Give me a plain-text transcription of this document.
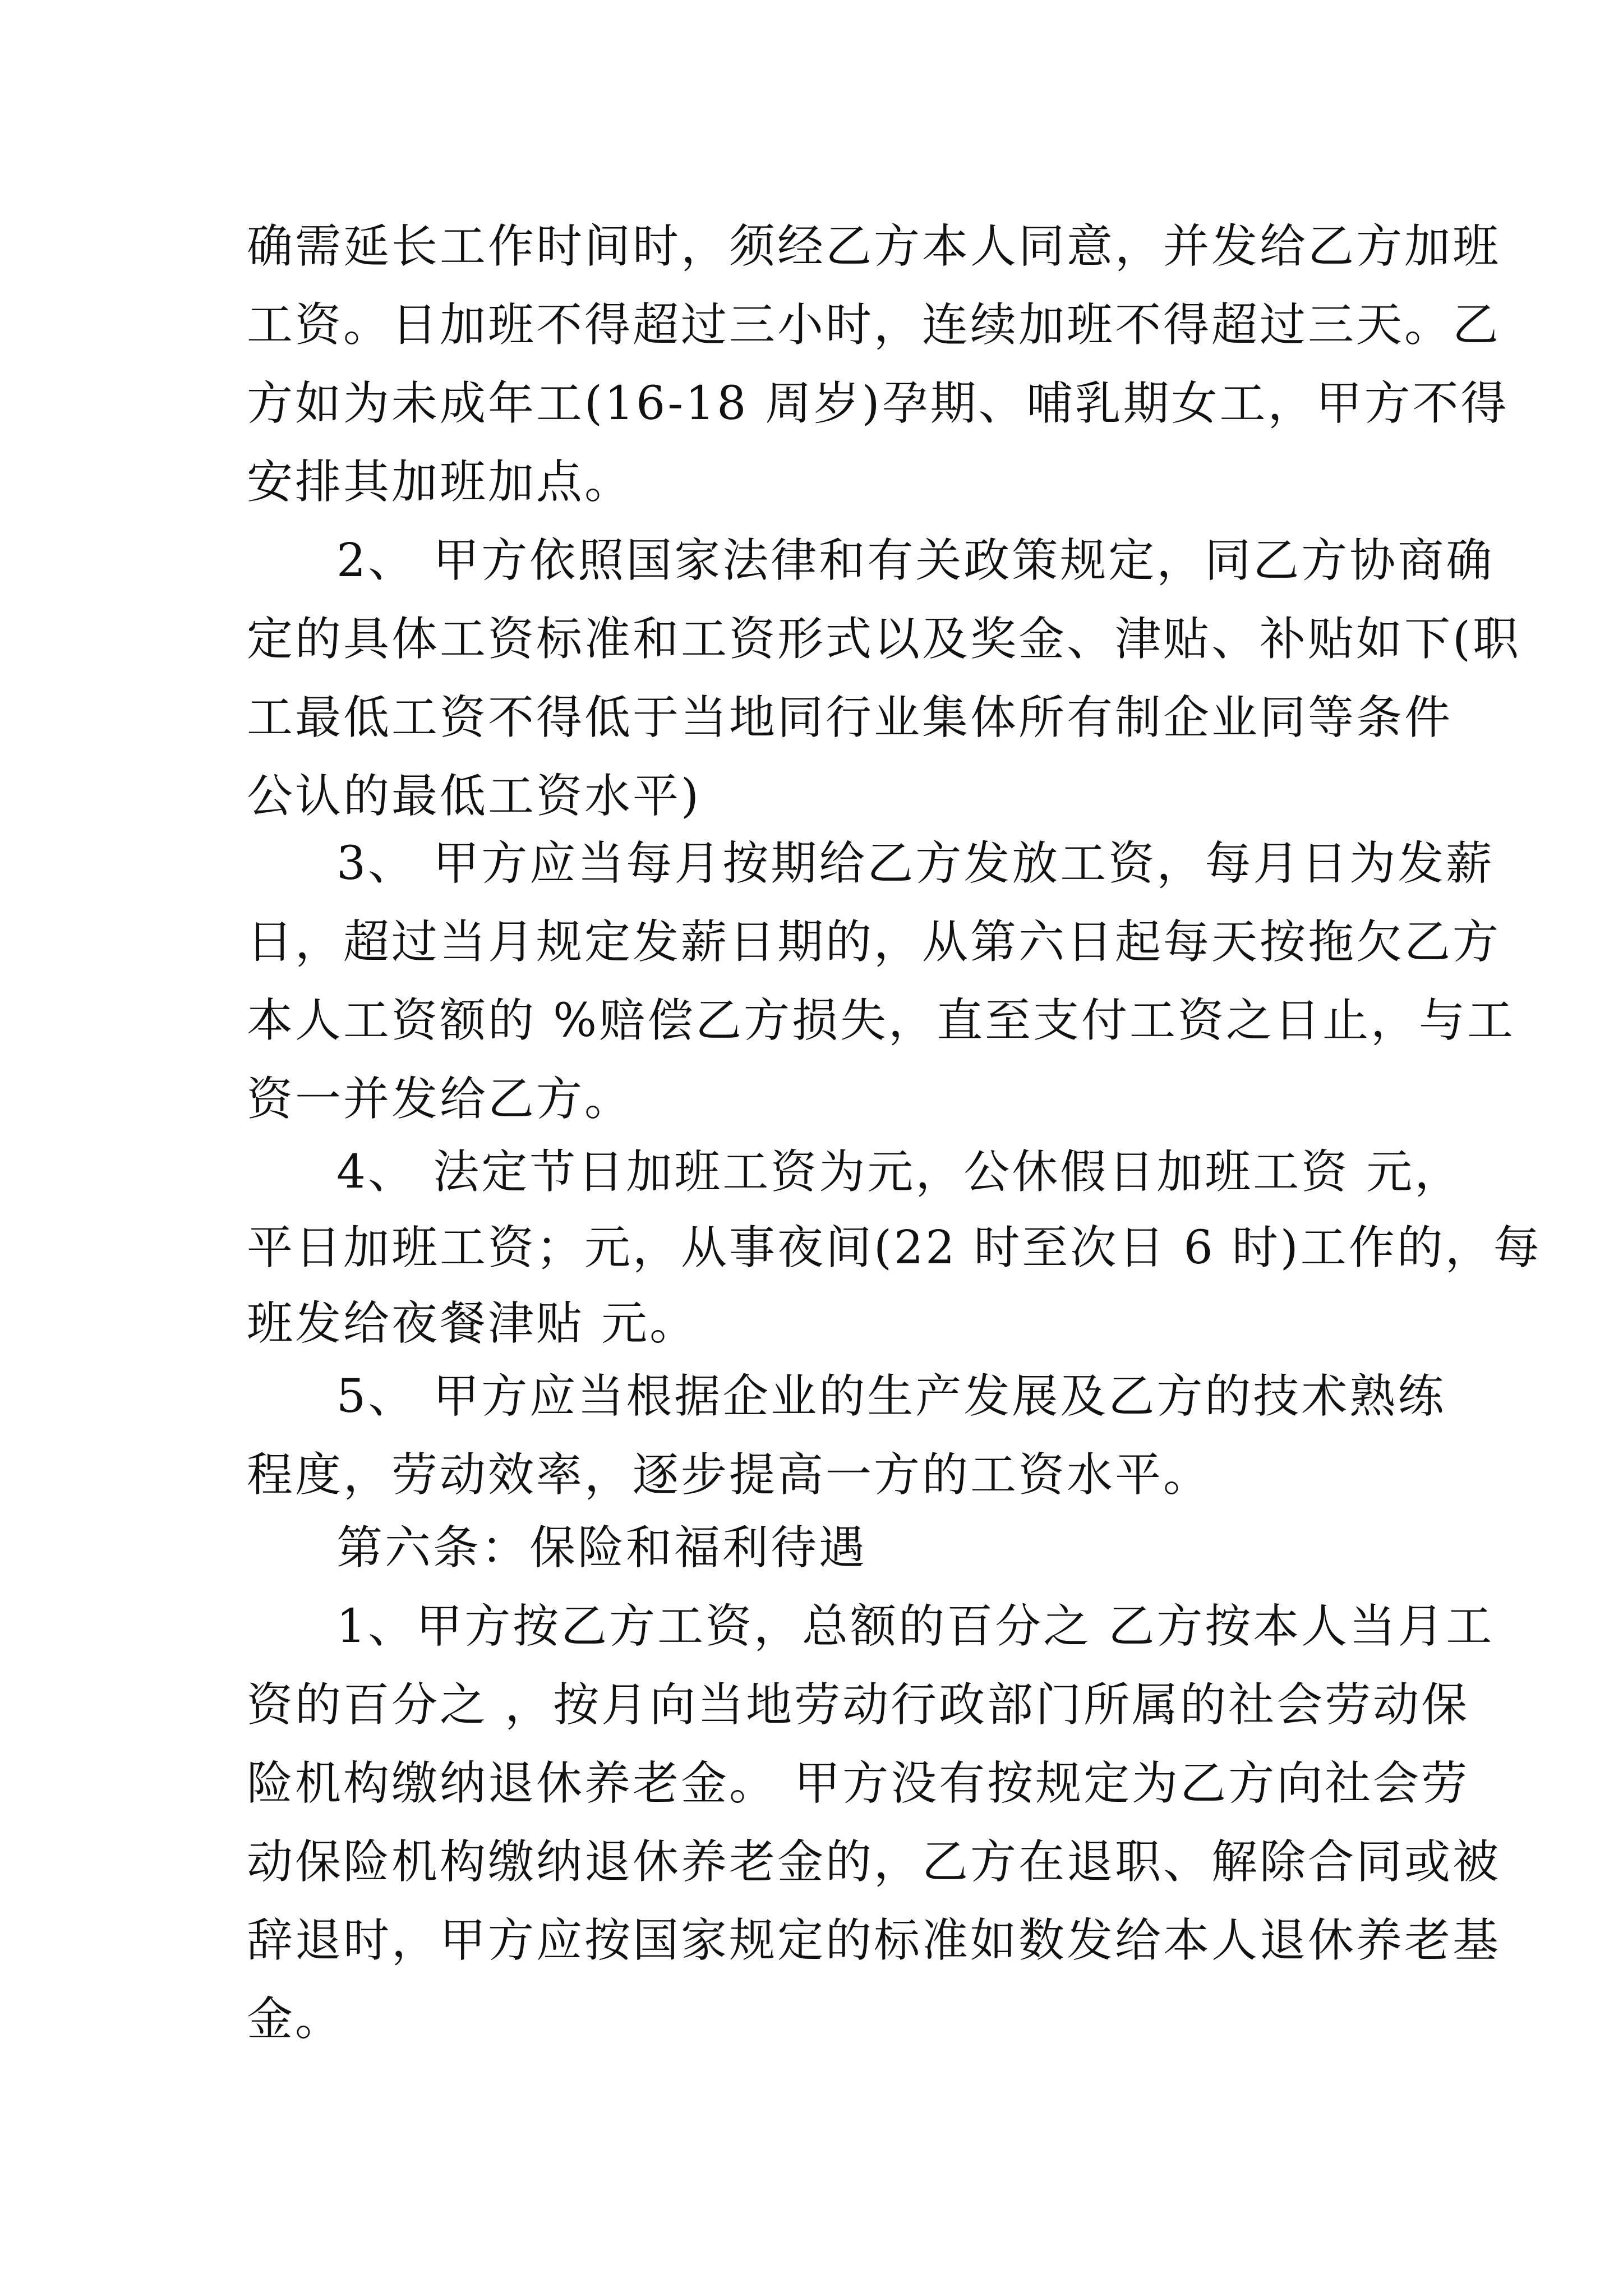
确需延长工作时间时，须经乙方本人同意，并发给乙方加班
工资。日加班不得超过三小时，连续加班不得超过三天。乙
方如为未成年工(16-18 周岁)孕期、哺乳期女工，甲方不得
安排其加班加点。
2、 甲方依照国家法律和有关政策规定，同乙方协商确
定的具体工资标准和工资形式以及奖金、津贴、补贴如下(职
工最低工资不得低于当地同行业集体所有制企业同等条件
公认的最低工资水平)
3、 甲方应当每月按期给乙方发放工资，每月日为发薪
日，超过当月规定发薪日期的，从第六日起每天按拖欠乙方
本人工资额的 %赔偿乙方损失，直至支付工资之日止，与工
资一并发给乙方。
4、 法定节日加班工资为元，公休假日加班工资 元，
平日加班工资；元，从事夜间(22 时至次日 6 时)工作的，每
班发给夜餐津贴 元。
5、 甲方应当根据企业的生产发展及乙方的技术熟练
程度，劳动效率，逐步提高一方的工资水平。
第六条：保险和福利待遇
1、甲方按乙方工资，总额的百分之 乙方按本人当月工
资的百分之 ，按月向当地劳动行政部门所属的社会劳动保
险机构缴纳退休养老金。 甲方没有按规定为乙方向社会劳
动保险机构缴纳退休养老金的，乙方在退职、解除合同或被
辞退时，甲方应按国家规定的标准如数发给本人退休养老基
金。
